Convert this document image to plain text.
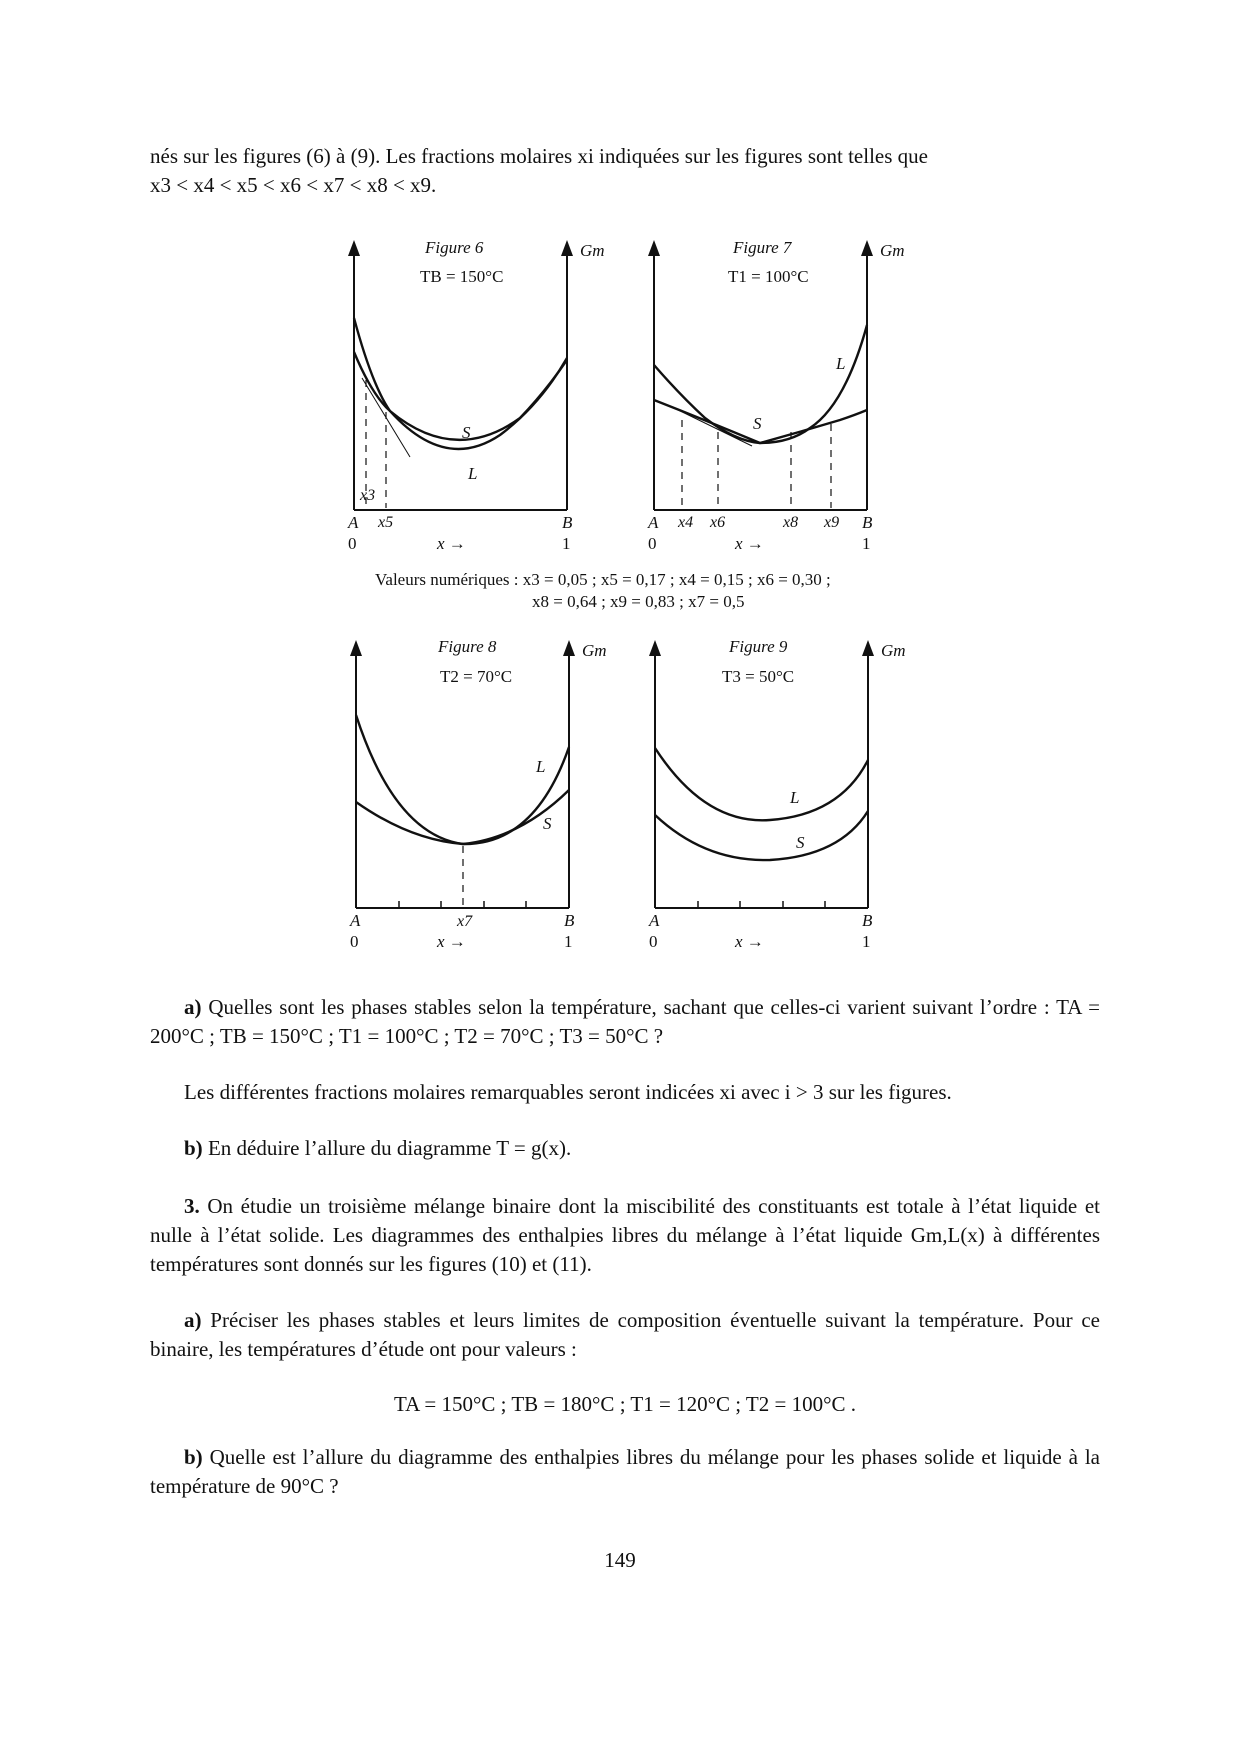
nés sur les figures (6) à (9). Les fractions molaires xi indiquées sur les figures sont telles que

x3 < x4 < x5 < x6 < x7 < x8 < x9.

Figure 6
TB = 150°C
Gm
S
L
x3
x5
A	B
0	1
x →
Figure 7
T1 = 100°C
Gm
S
L
x4 x6	x8 x9
A	B
0	1
x →
Valeurs numériques : x3 = 0,05 ; x5 = 0,17 ; x4 = 0,15 ; x6 = 0,30 ;
x8 = 0,64 ; x9 = 0,83 ; x7 = 0,5
Figure 8
T2 = 70°C
Gm
L
S
x7
A	B
0	1
x →
Figure 9
T3 = 50°C
Gm
L
S
A	B
0	1
x →

a) Quelles sont les phases stables selon la température, sachant que celles-ci varient suivant l’ordre : TA = 200°C ; TB = 150°C ; T1 = 100°C ; T2 = 70°C ; T3 = 50°C ?

Les différentes fractions molaires remarquables seront indicées xi avec i > 3 sur les figures.

b) En déduire l’allure du diagramme T = g(x).

3. On étudie un troisième mélange binaire dont la miscibilité des constituants est totale à l’état liquide et nulle à l’état solide. Les diagrammes des enthalpies libres du mélange à l’état liquide Gm,L(x) à différentes températures sont donnés sur les figures (10) et (11).

a) Préciser les phases stables et leurs limites de composition éventuelle suivant la température. Pour ce binaire, les températures d’étude ont pour valeurs :

TA = 150°C ; TB = 180°C ; T1 = 120°C ; T2 = 100°C .

b) Quelle est l’allure du diagramme des enthalpies libres du mélange pour les phases solide et liquide à la température de 90°C ?

149
